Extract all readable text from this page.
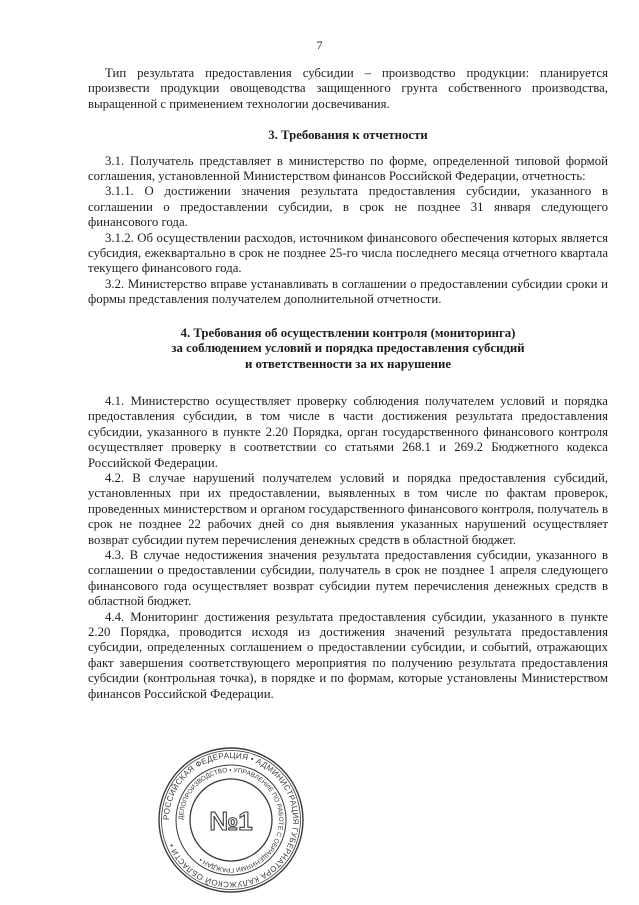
7

Тип результата предоставления субсидии – производство продукции: планируется произвести продукции овощеводства защищенного грунта собственного производства, выращенной с применением технологии досвечивания.

3. Требования к отчетности

3.1. Получатель представляет в министерство по форме, определенной типовой формой соглашения, установленной Министерством финансов Российской Федерации, отчетность:

3.1.1. О достижении значения результата предоставления субсидии, указанного в соглашении о предоставлении субсидии, в срок не позднее 31 января следующего финансового года.

3.1.2. Об осуществлении расходов, источником финансового обеспечения которых является субсидия, ежеквартально в срок не позднее 25-го числа последнего месяца отчетного квартала текущего финансового года.

3.2. Министерство вправе устанавливать в соглашении о предоставлении субсидии сроки и формы представления получателем дополнительной отчетности.

4. Требования об осуществлении контроля (мониторинга)

за соблюдением условий и порядка предоставления субсидий

и ответственности за их нарушение

4.1. Министерство осуществляет проверку соблюдения получателем условий и порядка предоставления субсидии, в том числе в части достижения результата предоставления субсидии, указанного в пункте 2.20 Порядка, орган государственного финансового контроля осуществляет проверку в соответствии со статьями 268.1 и 269.2 Бюджетного кодекса Российской Федерации.

4.2. В случае нарушений получателем условий и порядка предоставления субсидий, установленных при их предоставлении, выявленных в том числе по фактам проверок, проведенных министерством и органом государственного финансового контроля, получатель в срок не позднее 22 рабочих дней со дня выявления указанных нарушений осуществляет возврат субсидии путем перечисления денежных средств в областной бюджет.

4.3. В случае недостижения значения результата предоставления субсидии, указанного в соглашении о предоставлении субсидии, получатель в срок не позднее 1 апреля следующего финансового года осуществляет возврат субсидии путем перечисления денежных средств в областной бюджет.

4.4. Мониторинг достижения результата предоставления субсидии, указанного в пункте 2.20 Порядка, проводится исходя из достижения значений результата предоставления субсидии, определенных соглашением о предоставлении субсидии, и событий, отражающих факт завершения соответствующего мероприятия по получению результата предоставления субсидии (контрольная точка), в порядке и по формам, которые установлены Министерством финансов Российской Федерации.

РОССИЙСКАЯ ФЕДЕРАЦИЯ • АДМИНИСТРАЦИЯ ГУБЕРНАТОРА КАЛУЖСКОЙ ОБЛАСТИ •
ДЕЛОПРОИЗВОДСТВО • УПРАВЛЕНИЕ ПО РАБОТЕ С ОБРАЩЕНИЯМИ ГРАЖДАН •
№1
